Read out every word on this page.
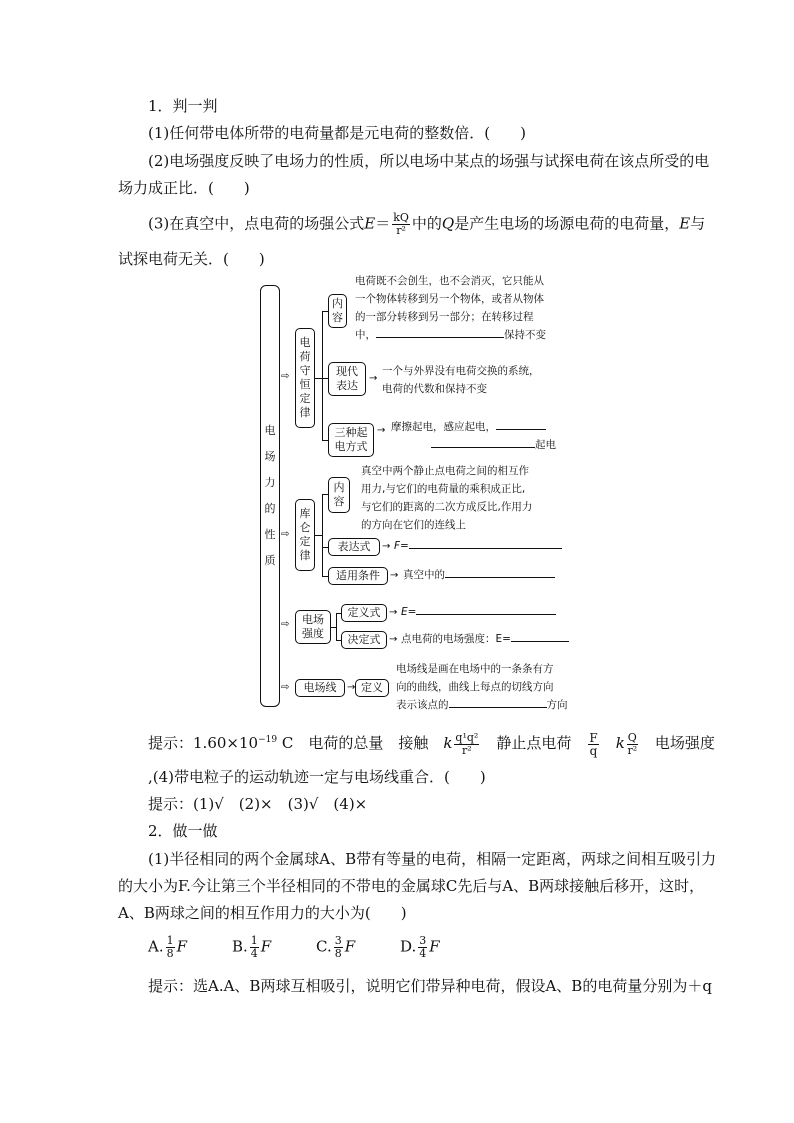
1．判一判
(1)任何带电体所带的电荷量都是元电荷的整数倍．(　　)
(2)电场强度反映了电场力的性质，所以电场中某点的场强与试探电荷在该点所受的电
场力成正比．(　　)
(3)在真空中，点电荷的场强公式$E= \frac{kQ}{\text{r²}}$ 中的Q是产生电场的场源电荷的电荷量，E与
试探电荷无关．(　　)
电
场
力
的
性
质
⇨
⇨
⇨
⇨
电
荷
守
恒
定
律
内
容
电荷既不会创生，也不会消灭，它只能从
一个物体转移到另一个物体，或者从物体
的一部分转移到另一部分；在转移过程
中，	保持不变
现代
表达
→
一个与外界没有电荷交换的系统，
电荷的代数和保持不变
三种起
电方式
→ 摩擦起电，感应起电，
起电
库
仑
定
律
内
容
真空中两个静止点电荷之间的相互作
用力,与它们的电荷量的乘积成正比,
与它们的距离的二次方成反比,作用力
的方向在它们的连线上
表达式	→ F=
适用条件	→ 真空中的
电场
强度
定义式 → E=
决定式 → 点电荷的电场强度：E=
电场线	→ 定义
电场线是画在电场中的一条条有方
向的曲线，曲线上每点的切线方向
表示该点的	方向
提示：$1.60\times 10^{-19}$ C　电荷的总量　接触　k $\frac{\text{q¹q²}}{\text{r²}}$ 　静止点电荷　 $\frac{F}{q}$
　 k $\frac{Q}{\text{r²}}$ 　电场强度
,(4)带电粒子的运动轨迹一定与电场线重合．(　　)
提示：(1)√　(2)×　(3)√　(4)×
2．做一做
(1)半径相同的两个金属球A、B带有等量的电荷，相隔一定距离，两球之间相互吸引力
的大小为F.今让第三个半径相同的不带电的金属球C先后与A、B两球接触后移开，这时，
A、B两球之间的相互作用力的大小为(　　)
A. $\frac{1}{8}$ F	B. $\frac{1}{4}$ F	C. $\frac{3}{8}$ F	D. $\frac{3}{4}$ F
提示：选A.A、B两球互相吸引，说明它们带异种电荷，假设A、B的电荷量分别为＋q
